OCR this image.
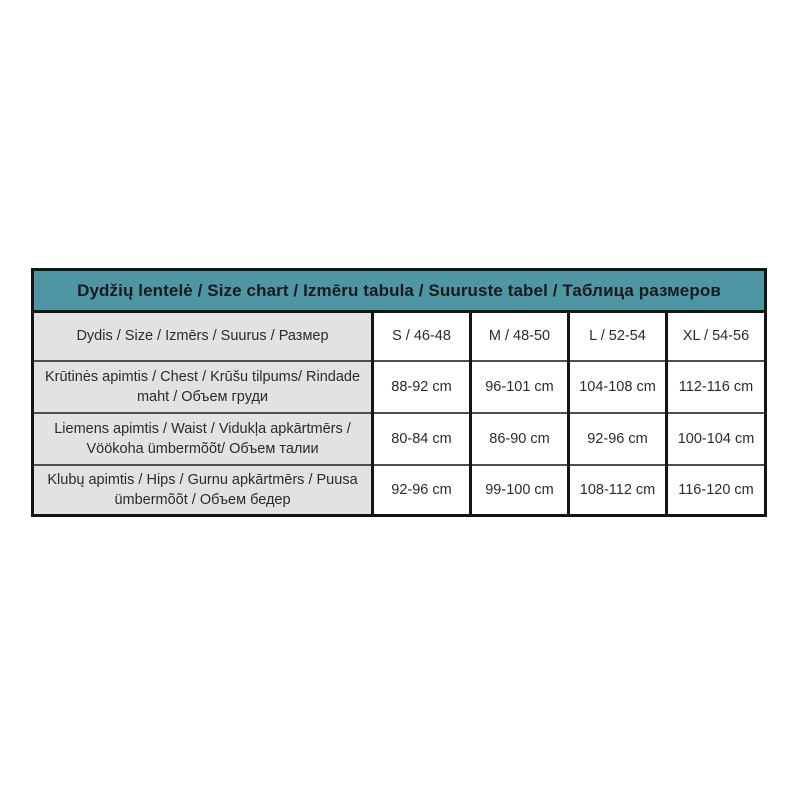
Dydžių lentelė / Size chart / Izmēru tabula / Suuruste tabel / Таблица размеров				
Dydis / Size / Izmērs / Suurus / Размер	S / 46-48	M / 48-50	L / 52-54	XL / 54-56
Krūtinės apimtis / Chest / Krūšu tilpums/ Rindade maht / Объем груди	88-92 cm	96-101 cm	104-108 cm	112-116 cm
Liemens apimtis / Waist / Vidukļa apkārtmērs / Vöökoha ümbermõõt/ Объем талии	80-84 cm	86-90 cm	92-96 cm	100-104 cm
Klubų apimtis / Hips / Gurnu apkārtmērs / Puusa ümbermõõt / Объем бедер	92-96 cm	99-100 cm	108-112 cm	116-120 cm
